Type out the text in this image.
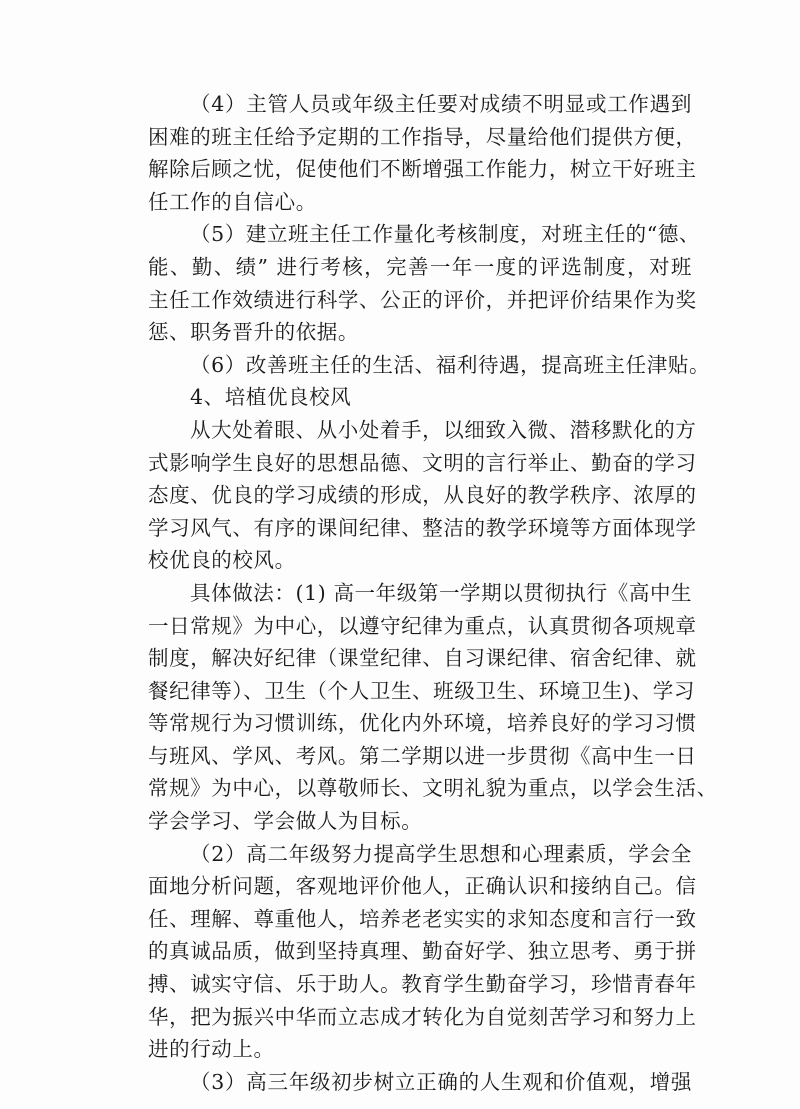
（4）主管人员或年级主任要对成绩不明显或工作遇到
困难的班主任给予定期的工作指导，尽量给他们提供方便，
解除后顾之忧，促使他们不断增强工作能力，树立干好班主
任工作的自信心。
（5）建立班主任工作量化考核制度，对班主任的“德、
能、勤、绩” 进行考核，完善一年一度的评选制度，对班
主任工作效绩进行科学、公正的评价，并把评价结果作为奖
惩、职务晋升的依据。
（6）改善班主任的生活、福利待遇，提高班主任津贴。
4、培植优良校风
从大处着眼、从小处着手，以细致入微、潜移默化的方
式影响学生良好的思想品德、文明的言行举止、勤奋的学习
态度、优良的学习成绩的形成，从良好的教学秩序、浓厚的
学习风气、有序的课间纪律、整洁的教学环境等方面体现学
校优良的校风。
具体做法：(1) 高一年级第一学期以贯彻执行《高中生
一日常规》为中心，以遵守纪律为重点，认真贯彻各项规章
制度，解决好纪律（课堂纪律、自习课纪律、宿舍纪律、就
餐纪律等）、卫生（个人卫生、班级卫生、环境卫生)、学习
等常规行为习惯训练，优化内外环境，培养良好的学习习惯
与班风、学风、考风。第二学期以进一步贯彻《高中生一日
常规》为中心，以尊敬师长、文明礼貌为重点，以学会生活、
学会学习、学会做人为目标。
（2）高二年级努力提高学生思想和心理素质，学会全
面地分析问题，客观地评价他人，正确认识和接纳自己。信
任、理解、尊重他人，培养老老实实的求知态度和言行一致
的真诚品质，做到坚持真理、勤奋好学、独立思考、勇于拼
搏、诚实守信、乐于助人。教育学生勤奋学习，珍惜青春年
华，把为振兴中华而立志成才转化为自觉刻苦学习和努力上
进的行动上。
（3）高三年级初步树立正确的人生观和价值观，增强
